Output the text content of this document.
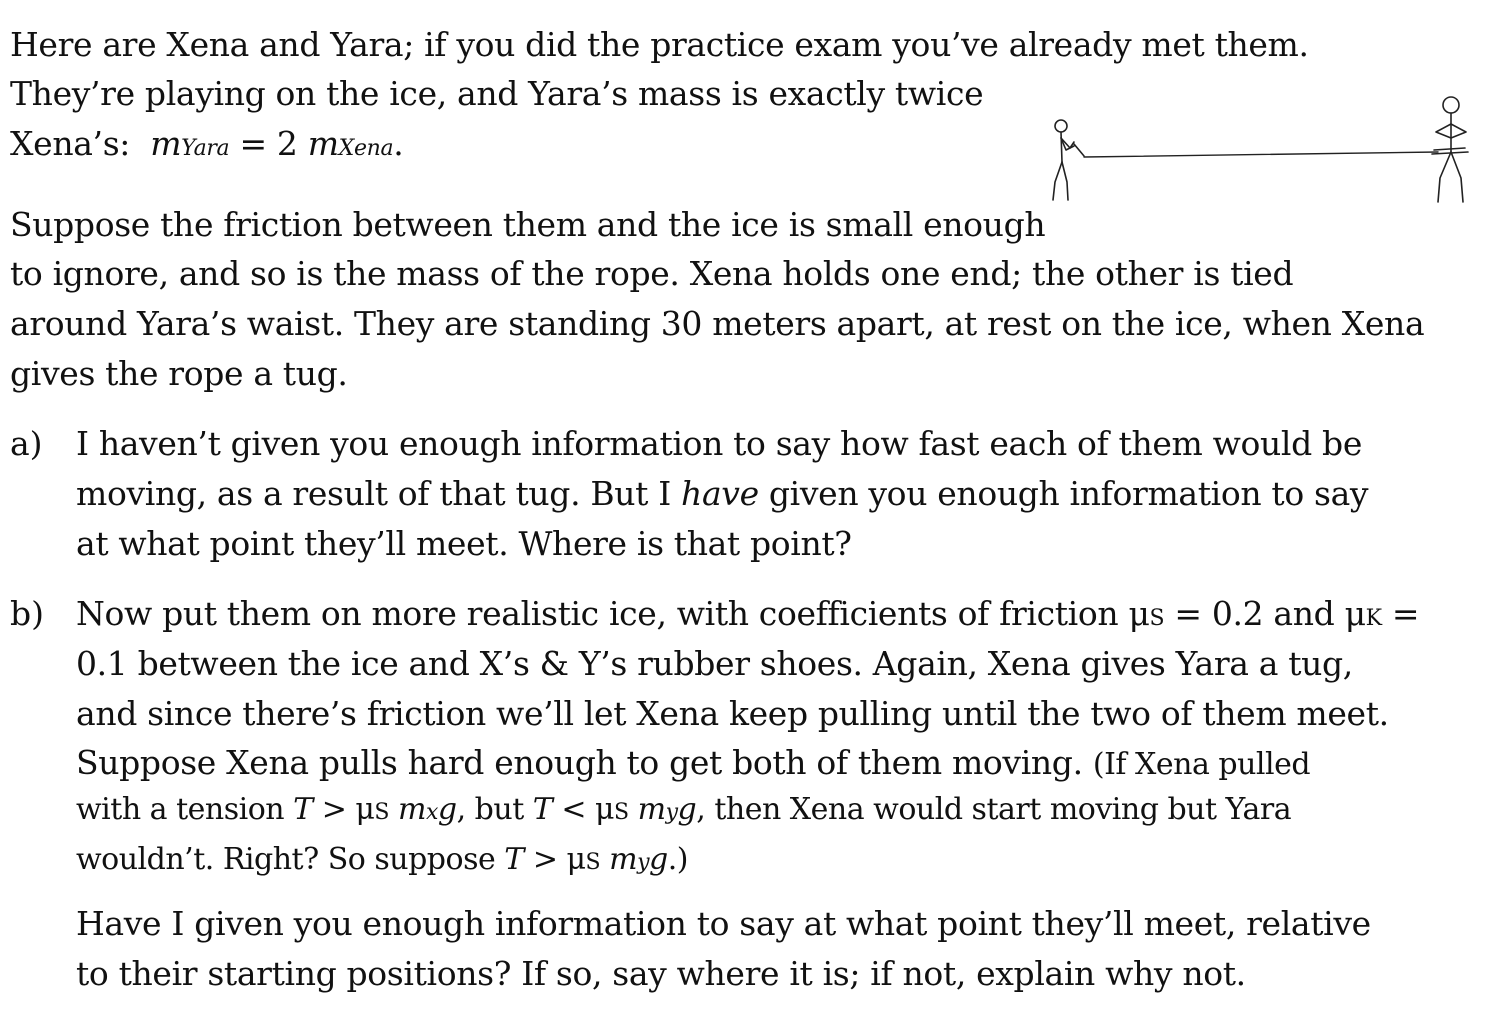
Here are Xena and Yara; if you did the practice exam you’ve already met them.
They’re playing on the ice, and Yara’s mass is exactly twice
Xena’s: mYara = 2 mXena.
Suppose the friction between them and the ice is small enough
to ignore, and so is the mass of the rope. Xena holds one end; the other is tied
around Yara’s waist. They are standing 30 meters apart, at rest on the ice, when Xena
gives the rope a tug.
a) I haven’t given you enough information to say how fast each of them would be
moving, as a result of that tug. But I have given you enough information to say
at what point they’ll meet. Where is that point?
b) Now put them on more realistic ice, with coefficients of friction μS = 0.2 and μK =
0.1 between the ice and X’s & Y’s rubber shoes. Again, Xena gives Yara a tug,
and since there’s friction we’ll let Xena keep pulling until the two of them meet.
Suppose Xena pulls hard enough to get both of them moving. (If Xena pulled
with a tension T > μS mxg, but T < μS myg, then Xena would start moving but Yara
wouldn’t. Right? So suppose T > μS myg.)
Have I given you enough information to say at what point they’ll meet, relative
to their starting positions? If so, say where it is; if not, explain why not.
